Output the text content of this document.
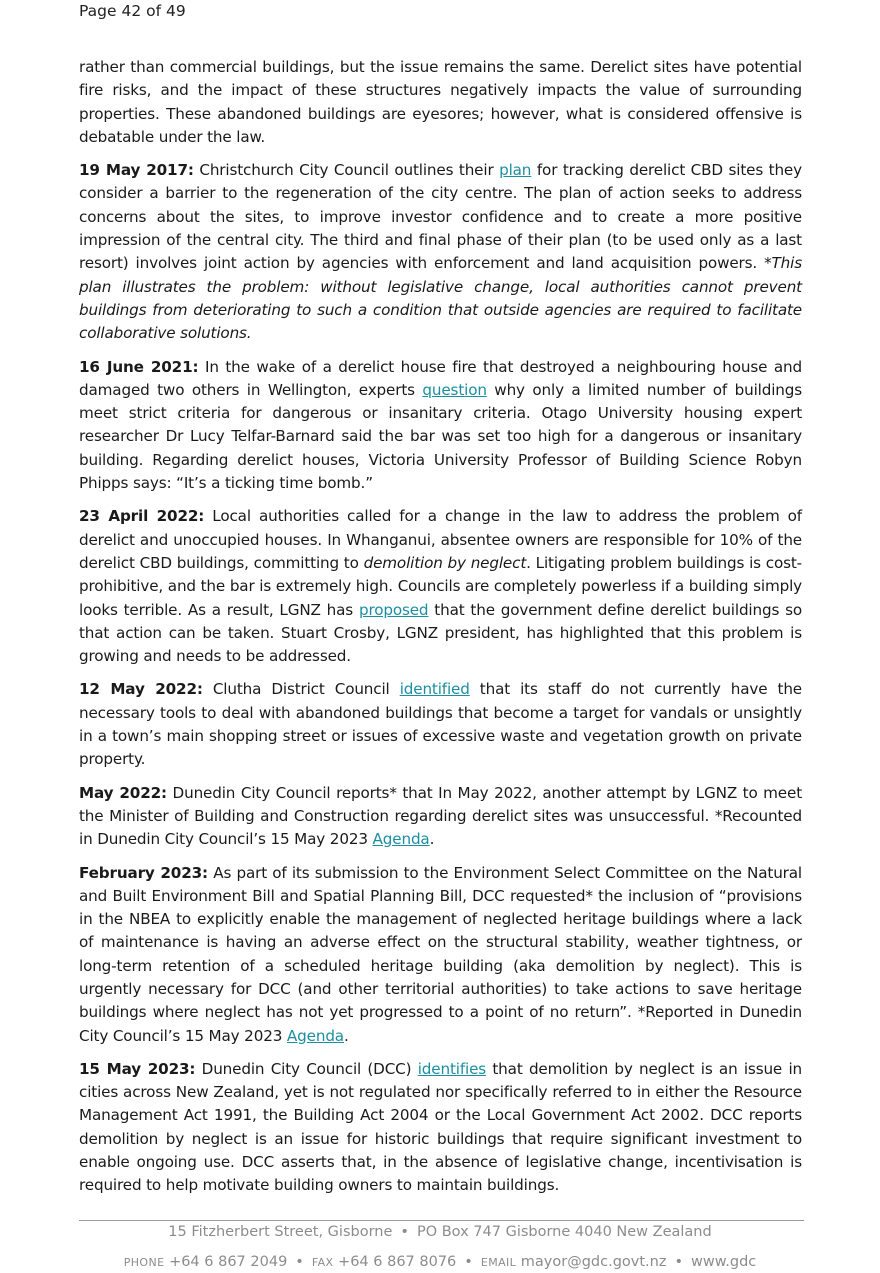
Page 42 of 49

rather than commercial buildings, but the issue remains the same. Derelict sites have potential fire risks, and the impact of these structures negatively impacts the value of surrounding properties. These abandoned buildings are eyesores; however, what is considered offensive is debatable under the law.

19 May 2017: Christchurch City Council outlines their plan for tracking derelict CBD sites they consider a barrier to the regeneration of the city centre. The plan of action seeks to address concerns about the sites, to improve investor confidence and to create a more positive impression of the central city. The third and final phase of their plan (to be used only as a last resort) involves joint action by agencies with enforcement and land acquisition powers. *This plan illustrates the problem: without legislative change, local authorities cannot prevent buildings from deteriorating to such a condition that outside agencies are required to facilitate collaborative solutions.

16 June 2021: In the wake of a derelict house fire that destroyed a neighbouring house and damaged two others in Wellington, experts question why only a limited number of buildings meet strict criteria for dangerous or insanitary criteria. Otago University housing expert researcher Dr Lucy Telfar-Barnard said the bar was set too high for a dangerous or insanitary building. Regarding derelict houses, Victoria University Professor of Building Science Robyn Phipps says: “It’s a ticking time bomb.”

23 April 2022: Local authorities called for a change in the law to address the problem of derelict and unoccupied houses. In Whanganui, absentee owners are responsible for 10% of the derelict CBD buildings, committing to demolition by neglect. Litigating problem buildings is cost-prohibitive, and the bar is extremely high. Councils are completely powerless if a building simply looks terrible. As a result, LGNZ has proposed that the government define derelict buildings so that action can be taken. Stuart Crosby, LGNZ president, has highlighted that this problem is growing and needs to be addressed.

12 May 2022: Clutha District Council identified that its staff do not currently have the necessary tools to deal with abandoned buildings that become a target for vandals or unsightly in a town’s main shopping street or issues of excessive waste and vegetation growth on private property.

May 2022: Dunedin City Council reports* that In May 2022, another attempt by LGNZ to meet the Minister of Building and Construction regarding derelict sites was unsuccessful. *Recounted in Dunedin City Council’s 15 May 2023 Agenda.

February 2023: As part of its submission to the Environment Select Committee on the Natural and Built Environment Bill and Spatial Planning Bill, DCC requested* the inclusion of “provisions in the NBEA to explicitly enable the management of neglected heritage buildings where a lack of maintenance is having an adverse effect on the structural stability, weather tightness, or long-term retention of a scheduled heritage building (aka demolition by neglect). This is urgently necessary for DCC (and other territorial authorities) to take actions to save heritage buildings where neglect has not yet progressed to a point of no return”. *Reported in Dunedin City Council’s 15 May 2023 Agenda.

15 May 2023: Dunedin City Council (DCC) identifies that demolition by neglect is an issue in cities across New Zealand, yet is not regulated nor specifically referred to in either the Resource Management Act 1991, the Building Act 2004 or the Local Government Act 2002. DCC reports demolition by neglect is an issue for historic buildings that require significant investment to enable ongoing use. DCC asserts that, in the absence of legislative change, incentivisation is required to help motivate building owners to maintain buildings.

15 Fitzherbert Street, Gisborne • PO Box 747 Gisborne 4040 New Zealand
PHONE +64 6 867 2049 • FAX +64 6 867 8076 • EMAIL mayor@gdc.govt.nz • www.gdc
